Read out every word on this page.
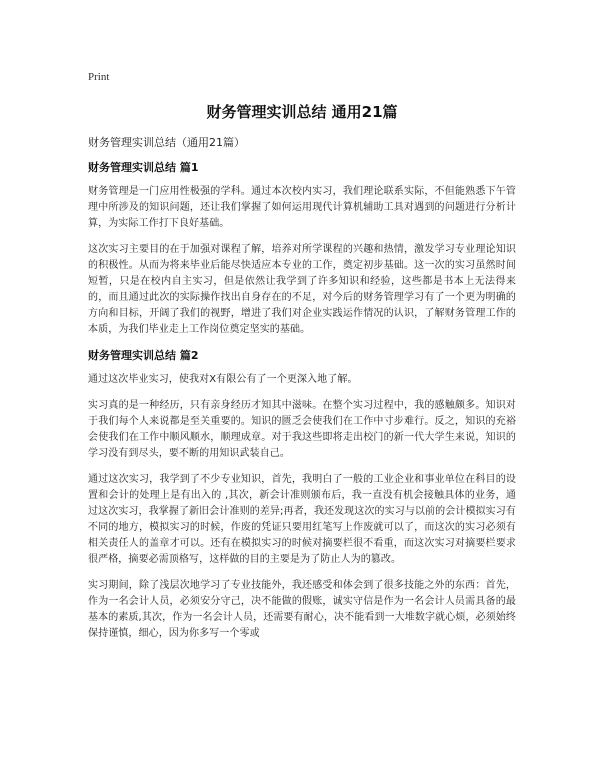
Print
财务管理实训总结 通用21篇

财务管理实训总结（通用21篇）

财务管理实训总结 篇1

财务管理是一门应用性极强的学科。通过本次校内实习，我们理论联系实际，不但能熟悉下午管理中所涉及的知识问题，还让我们掌握了如何运用现代计算机辅助工具对遇到的问题进行分析计算，为实际工作打下良好基础。

这次实习主要目的在于加强对课程了解，培养对所学课程的兴趣和热情，激发学习专业理论知识的积极性。从而为将来毕业后能尽快适应本专业的工作，奠定初步基础。这一次的实习虽然时间短暂，只是在校内自主实习，但是依然让我学到了许多知识和经验，这些都是书本上无法得来的，而且通过此次的实际操作找出自身存在的不足，对今后的财务管理学习有了一个更为明确的方向和目标，开阔了我们的视野，增进了我们对企业实践运作情况的认识，了解财务管理工作的本质，为我们毕业走上工作岗位奠定坚实的基础。

财务管理实训总结 篇2

通过这次毕业实习，使我对X有限公有了一个更深入地了解。

实习真的是一种经历，只有亲身经历才知其中滋味。在整个实习过程中，我的感触颇多。知识对于我们每个人来说都是至关重要的。知识的匮乏会使我们在工作中寸步难行。反之，知识的充裕会使我们在工作中顺风顺水，顺理成章。对于我这些即将走出校门的新一代大学生来说，知识的学习没有到尽头，要不断的用知识武装自己。

通过这次实习，我学到了不少专业知识，首先，我明白了一般的工业企业和事业单位在科目的设置和会计的处理上是有出入的 ,其次，新会计准则颁布后，我一直没有机会接触具体的业务，通过这次实习，我掌握了新旧会计准则的差异;再者，我还发现这次的实习与以前的会计模拟实习有不同的地方，模拟实习的时候，作废的凭证只要用红笔写上作废就可以了，而这次的实习必须有相关责任人的盖章才可以。还有在模拟实习的时候对摘要栏很不看重，而这次实习对摘要栏要求很严格，摘要必需顶格写，这样做的目的主要是为了防止人为的篡改。

实习期间，除了浅层次地学习了专业技能外，我还感受和体会到了很多技能之外的东西：首先，作为一名会计人员，必须安分守己，决不能做的假账，诚实守信是作为一名会计人员需具备的最基本的素质,其次，作为一名会计人员，还需要有耐心，决不能看到一大堆数字就心烦，必须始终保持谨慎，细心，因为你多写一个零或
